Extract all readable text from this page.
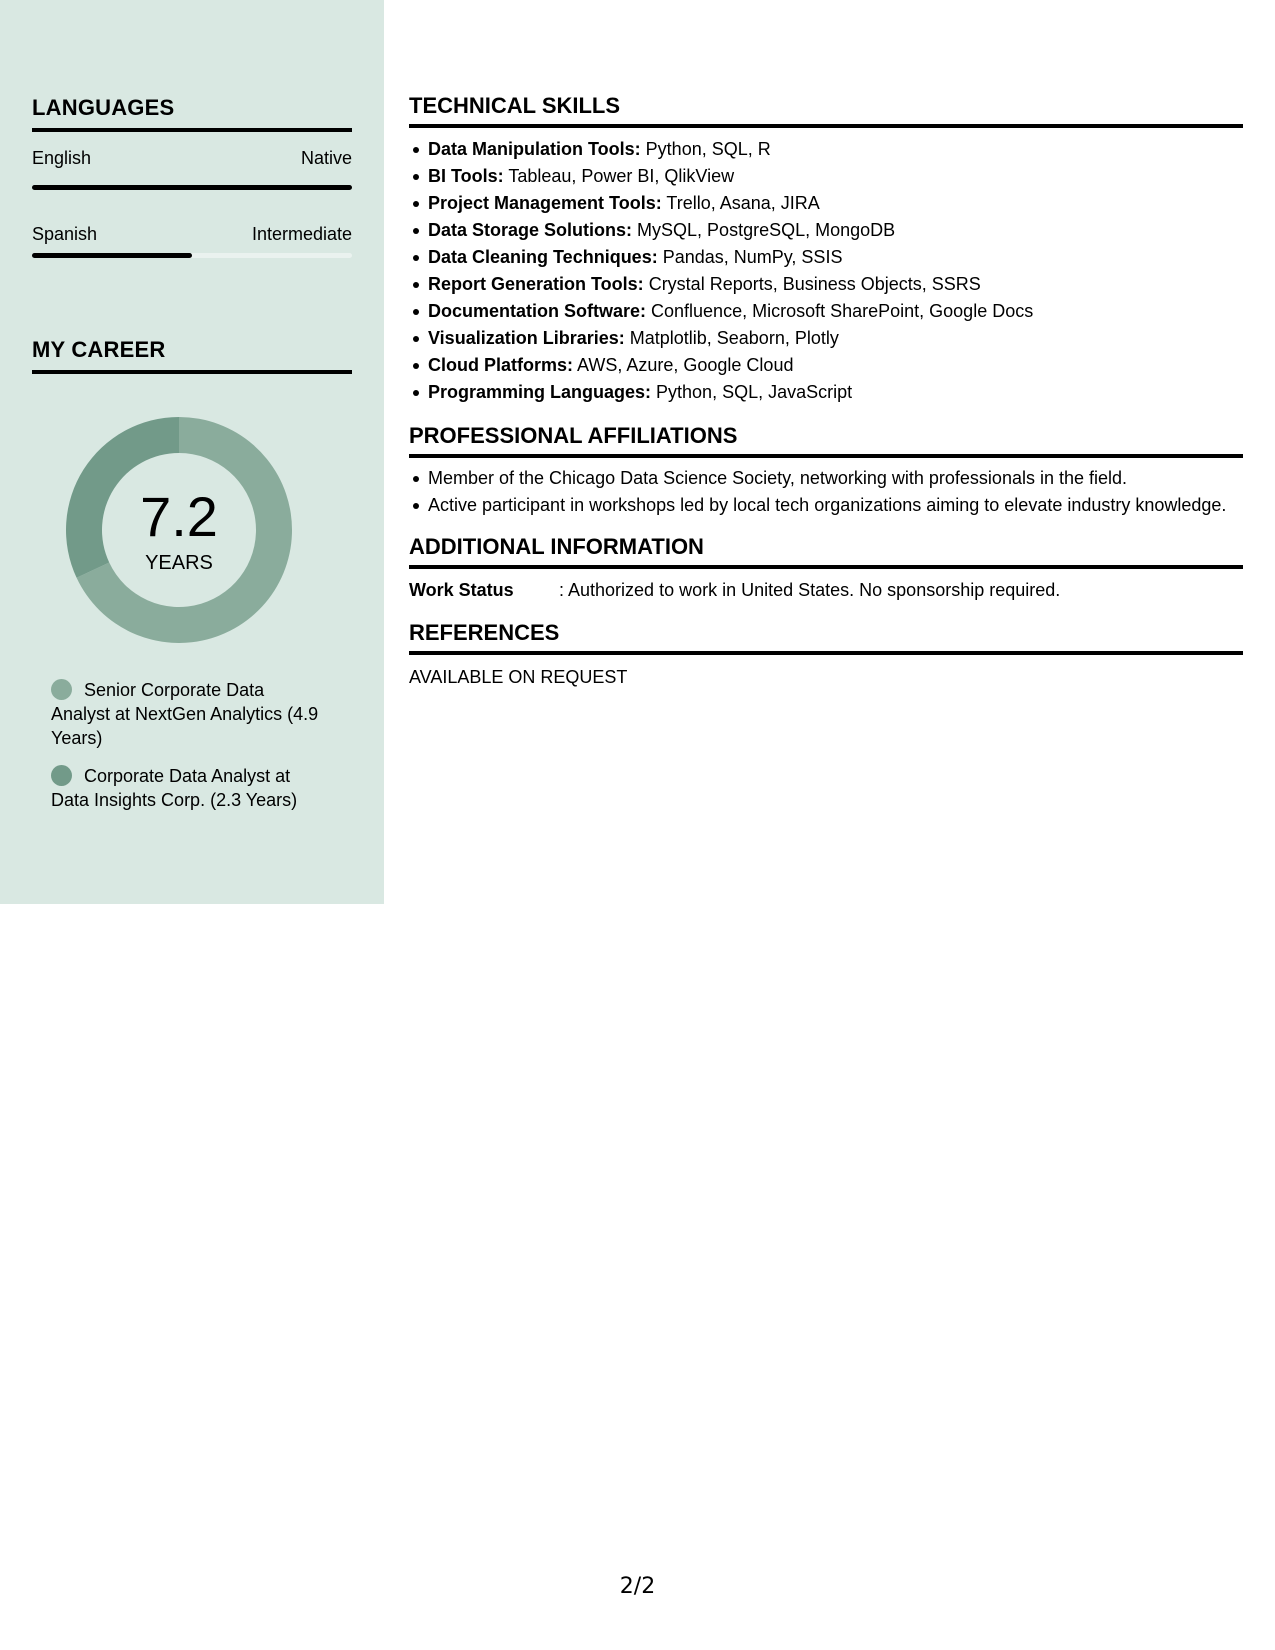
LANGUAGES
English	Native
Spanish	Intermediate
MY CAREER
7.2
YEARS
Senior Corporate Data Analyst at NextGen Analytics (4.9 Years)
Corporate Data Analyst at Data Insights Corp. (2.3 Years)
TECHNICAL SKILLS
Data Manipulation Tools: Python, SQL, R
BI Tools: Tableau, Power BI, QlikView
Project Management Tools: Trello, Asana, JIRA
Data Storage Solutions: MySQL, PostgreSQL, MongoDB
Data Cleaning Techniques: Pandas, NumPy, SSIS
Report Generation Tools: Crystal Reports, Business Objects, SSRS
Documentation Software: Confluence, Microsoft SharePoint, Google Docs
Visualization Libraries: Matplotlib, Seaborn, Plotly
Cloud Platforms: AWS, Azure, Google Cloud
Programming Languages: Python, SQL, JavaScript
PROFESSIONAL AFFILIATIONS
Member of the Chicago Data Science Society, networking with professionals in the field.
Active participant in workshops led by local tech organizations aiming to elevate industry knowledge.
ADDITIONAL INFORMATION
Work Status	: Authorized to work in United States. No sponsorship required.
REFERENCES
AVAILABLE ON REQUEST
2/2
